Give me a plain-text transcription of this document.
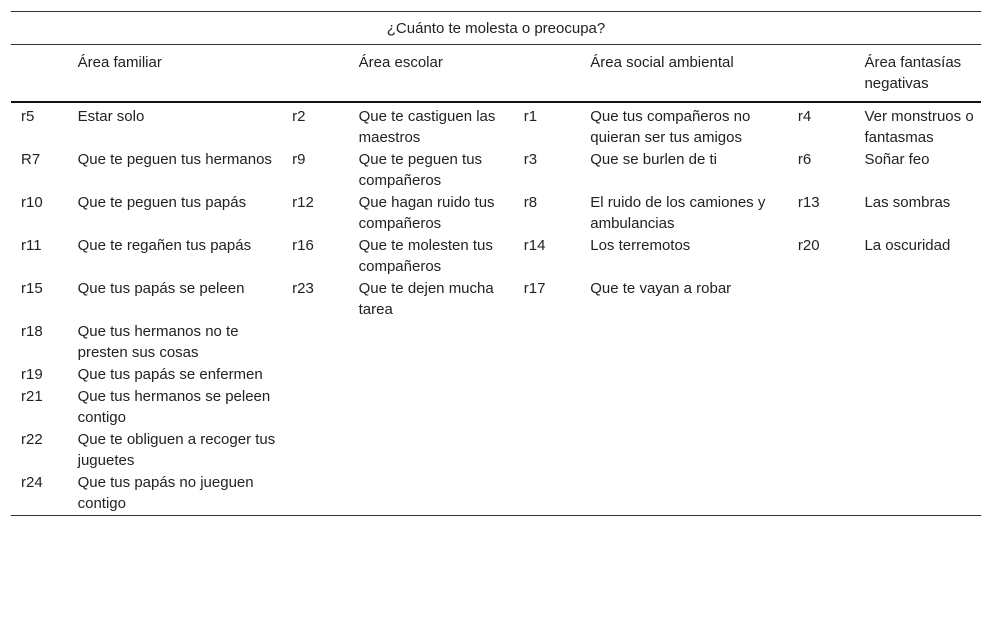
¿Cuánto te molesta o preocupa?							
	Área familiar		Área escolar		Área social ambiental		Área fantasías negativas
r5	Estar solo	r2	Que te castiguen las maestros	r1	Que tus compañeros no quieran ser tus amigos	r4	Ver monstruos o fantasmas
R7	Que te peguen tus hermanos	r9	Que te peguen tus compañeros	r3	Que se burlen de ti	r6	Soñar feo
r10	Que te peguen tus papás	r12	Que hagan ruido tus compañeros	r8	El ruido de los camiones y ambulancias	r13	Las sombras
r11	Que te regañen tus papás	r16	Que te molesten tus compañeros	r14	Los terremotos	r20	La oscuridad
r15	Que tus papás se peleen	r23	Que te dejen mucha tarea	r17	Que te vayan a robar		
r18	Que tus hermanos no te presten sus cosas						
r19	Que tus papás se enfermen						
r21	Que tus hermanos se peleen contigo						
r22	Que te obliguen a recoger tus juguetes						
r24	Que tus papás no jueguen contigo						
